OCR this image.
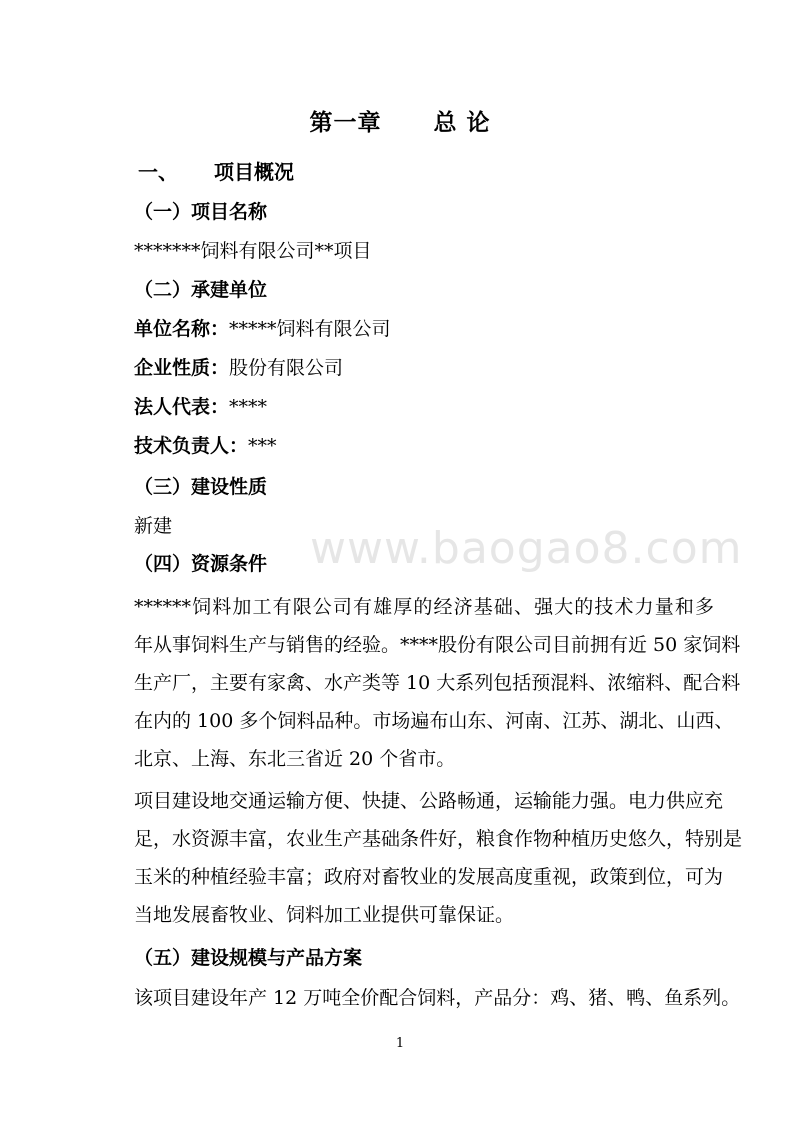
第一章 总 论
一、 项目概况
（一）项目名称
*******饲料有限公司**项目
（二）承建单位
单位名称：*****饲料有限公司
企业性质：股份有限公司
法人代表：****
技术负责人：***
（三）建设性质
新建	www.baogao8.com
（四）资源条件
******饲料加工有限公司有雄厚的经济基础、强大的技术力量和多
年从事饲料生产与销售的经验。****股份有限公司目前拥有近 50 家饲料
生产厂，主要有家禽、水产类等 10 大系列包括预混料、浓缩料、配合料
在内的 100 多个饲料品种。市场遍布山东、河南、江苏、湖北、山西、
北京、上海、东北三省近 20 个省市。
项目建设地交通运输方便、快捷、公路畅通，运输能力强。电力供应充
足，水资源丰富，农业生产基础条件好，粮食作物种植历史悠久，特别是
玉米的种植经验丰富；政府对畜牧业的发展高度重视，政策到位，可为
当地发展畜牧业、饲料加工业提供可靠保证。
（五）建设规模与产品方案
该项目建设年产 12 万吨全价配合饲料，产品分：鸡、猪、鸭、鱼系列。
1
